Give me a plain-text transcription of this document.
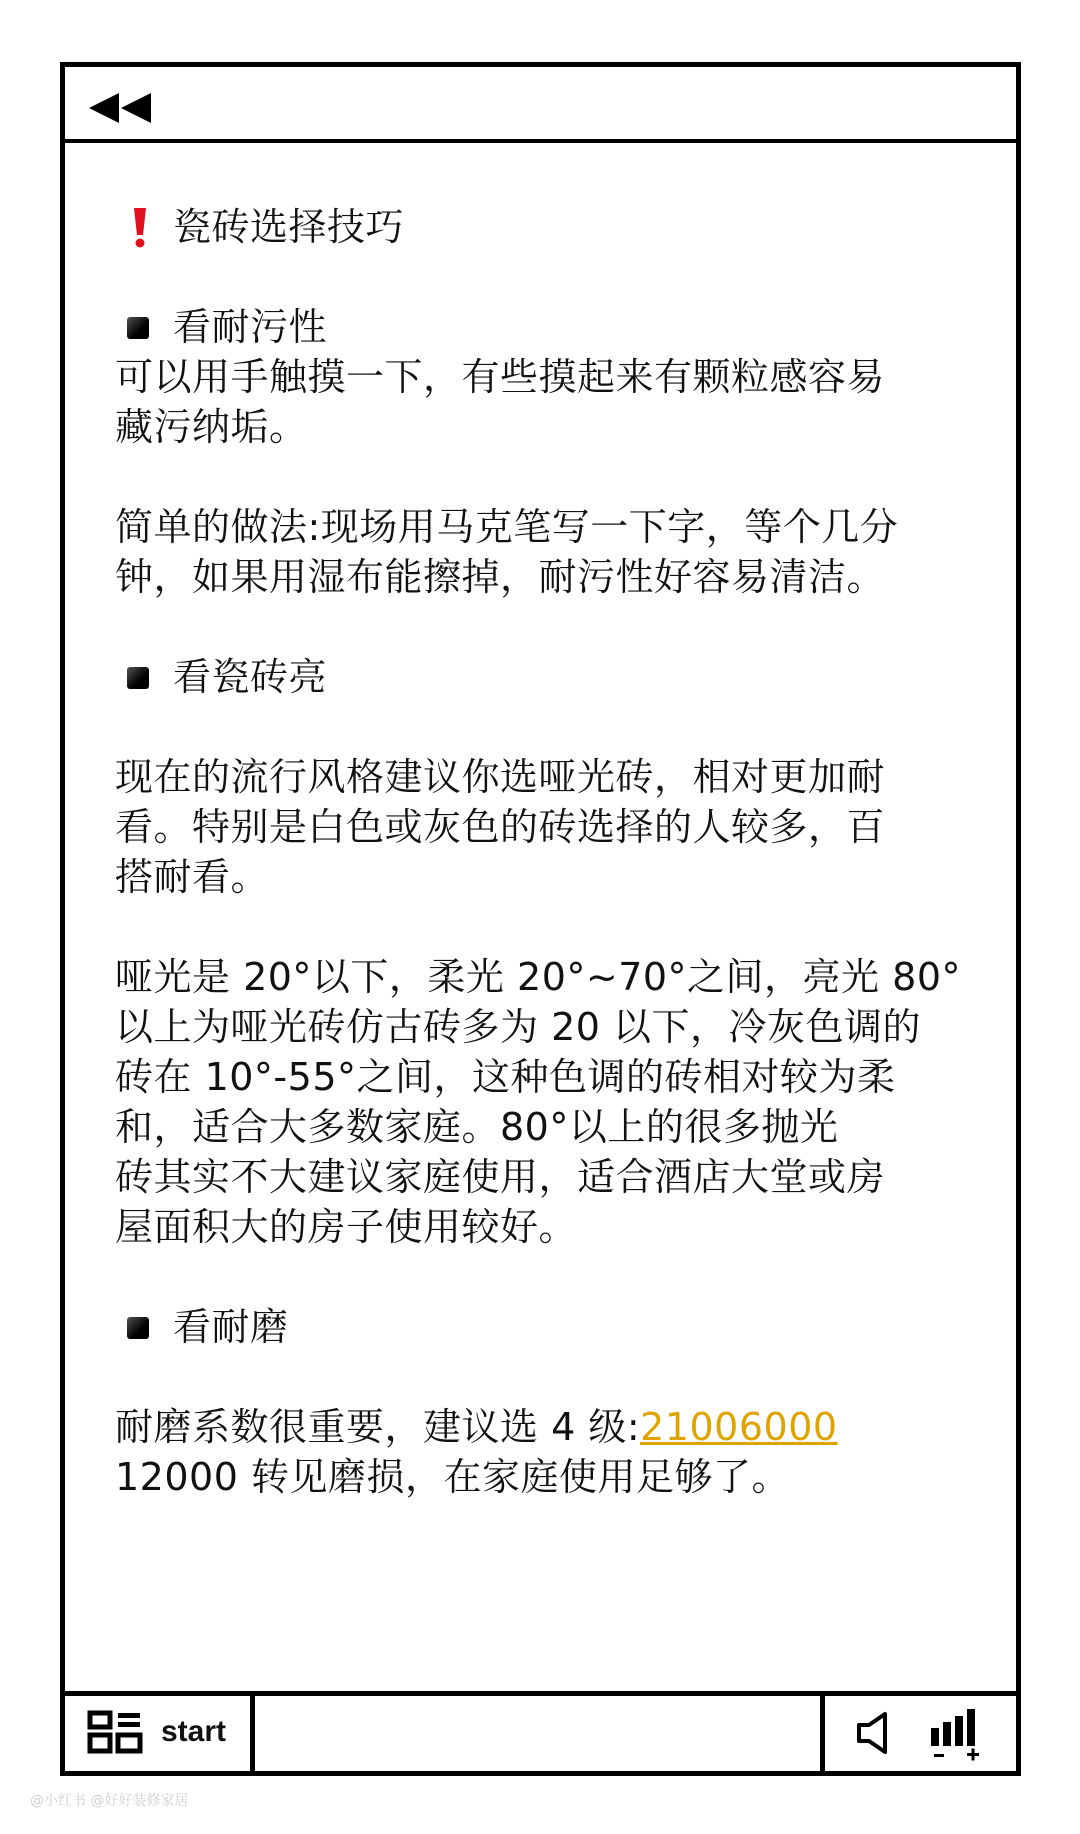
瓷砖选择技巧
看耐污性
可以用手触摸一下，有些摸起来有颗粒感容易
藏污纳垢。
简单的做法:现场用马克笔写一下字，等个几分
钟，如果用湿布能擦掉，耐污性好容易清洁。
看瓷砖亮
现在的流行风格建议你选哑光砖，相对更加耐
看。特别是白色或灰色的砖选择的人较多，百
搭耐看。
哑光是 20°以下，柔光 20°~70°之间，亮光 80°
以上为哑光砖仿古砖多为 20 以下，冷灰色调的
砖在 10°-55°之间，这种色调的砖相对较为柔
和，适合大多数家庭。80°以上的很多抛光
砖其实不大建议家庭使用，适合酒店大堂或房
屋面积大的房子使用较好。
看耐磨
耐磨系数很重要，建议选 4 级:21006000
12000 转见磨损，在家庭使用足够了。
start
@小红书 @好好装修家居
